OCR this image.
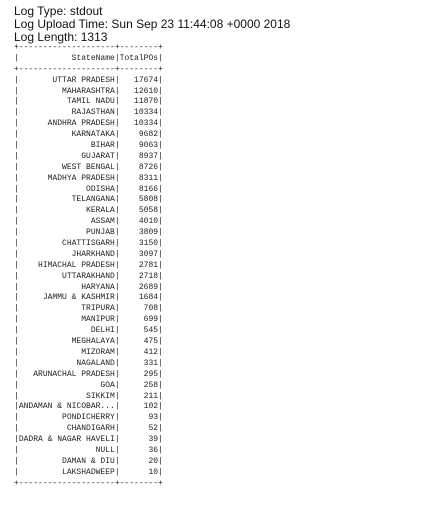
Log Type: stdout
Log Upload Time: Sun Sep 23 11:44:08 +0000 2018
Log Length: 1313
+--------------------+--------+
|           StateName|TotalPOs|
+--------------------+--------+
|       UTTAR PRADESH|   17674|
|         MAHARASHTRA|   12610|
|          TAMIL NADU|   11870|
|           RAJASTHAN|   10334|
|      ANDHRA PRADESH|   10334|
|           KARNATAKA|    9682|
|               BIHAR|    9063|
|             GUJARAT|    8937|
|         WEST BENGAL|    8726|
|      MADHYA PRADESH|    8311|
|              ODISHA|    8166|
|           TELANGANA|    5808|
|              KERALA|    5058|
|               ASSAM|    4010|
|              PUNJAB|    3809|
|         CHATTISGARH|    3150|
|           JHARKHAND|    3097|
|    HIMACHAL PRADESH|    2781|
|         UTTARAKHAND|    2718|
|             HARYANA|    2689|
|     JAMMU & KASHMIR|    1684|
|             TRIPURA|     708|
|             MANIPUR|     699|
|               DELHI|     545|
|           MEGHALAYA|     475|
|             MIZORAM|     412|
|            NAGALAND|     331|
|   ARUNACHAL PRADESH|     295|
|                 GOA|     258|
|              SIKKIM|     211|
|ANDAMAN & NICOBAR...|     102|
|         PONDICHERRY|      93|
|          CHANDIGARH|      52|
|DADRA & NAGAR HAVELI|      39|
|                NULL|      36|
|         DAMAN & DIU|      20|
|         LAKSHADWEEP|      10|
+--------------------+--------+
